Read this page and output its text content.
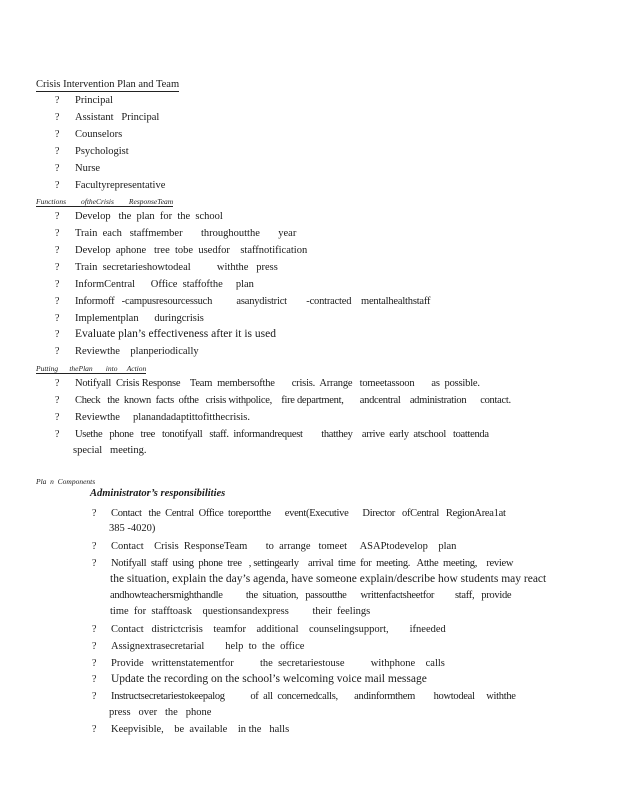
Crisis Intervention Plan and Team
? Principal
? Assistant   Principal
? Counselors
? Psychologist
? Nurse
? Facultyrepresentative
Functions        oftheCrisis        ResponseTeam
? Develop   the  plan  for  the  school
? Train  each   staffmember       throughoutthe       year
? Develop  aphone   tree  tobe  usedfor    staffnotification
? Train  secretarieshowtodeal          withthe   press
? InformCentral      Office  staffofthe     plan
? Informoff   -campusresourcessuch          asanydistrict        -contracted    mentalhealthstaff
? Implementplan      duringcrisis
? Evaluate plan’s effectiveness after it is used
? Reviewthe    planperiodically
Putting      thePlan       into     Action
? Notifyall  Crisis Response    Team  membersofthe       crisis.  Arrange   tomeetassoon       as  possible.
? Check   the  known  facts  ofthe   crisis withpolice,    fire department,       andcentral    administration      contact.
? Reviewthe     planandadaptittofitthecrisis.
? Usethe   phone   tree   tonotifyall   staff.  informandrequest        thatthey    arrive  early  atschool   toattenda
special   meeting.
Pla  n  Components
Administrator’s responsibilities
? Contact   the  Central  Office  toreportthe      event(Executive      Director   ofCentral   RegionArea1at
385 -4020)
? Contact    Crisis  ResponseTeam       to  arrange   tomeet     ASAPtodevelop    plan
? Notifyall  staff  using  phone  tree   , settingearly    arrival  time  for  meeting.   Atthe  meeting,    review
the situation, explain the day’s agenda, have someone explain/describe how students may react
andhowteachersmighthandle          the  situation,   passoutthe      writtenfactsheetfor         staff,   provide
time  for  stafftoask    questionsandexpress         their  feelings
? Contact   districtcrisis    teamfor    additional    counselingsupport,        ifneeded
? Assignextrasecretarial        help  to  the  office
? Provide   writtenstatementfor          the  secretariestouse          withphone    calls
? Update the recording on the school’s welcoming voice mail message
? Instructsecretariestokeepalog           of  all  concernedcalls,       andinformthem        howtodeal     withthe
press   over   the   phone
? Keepvisible,    be  available    in the   halls
